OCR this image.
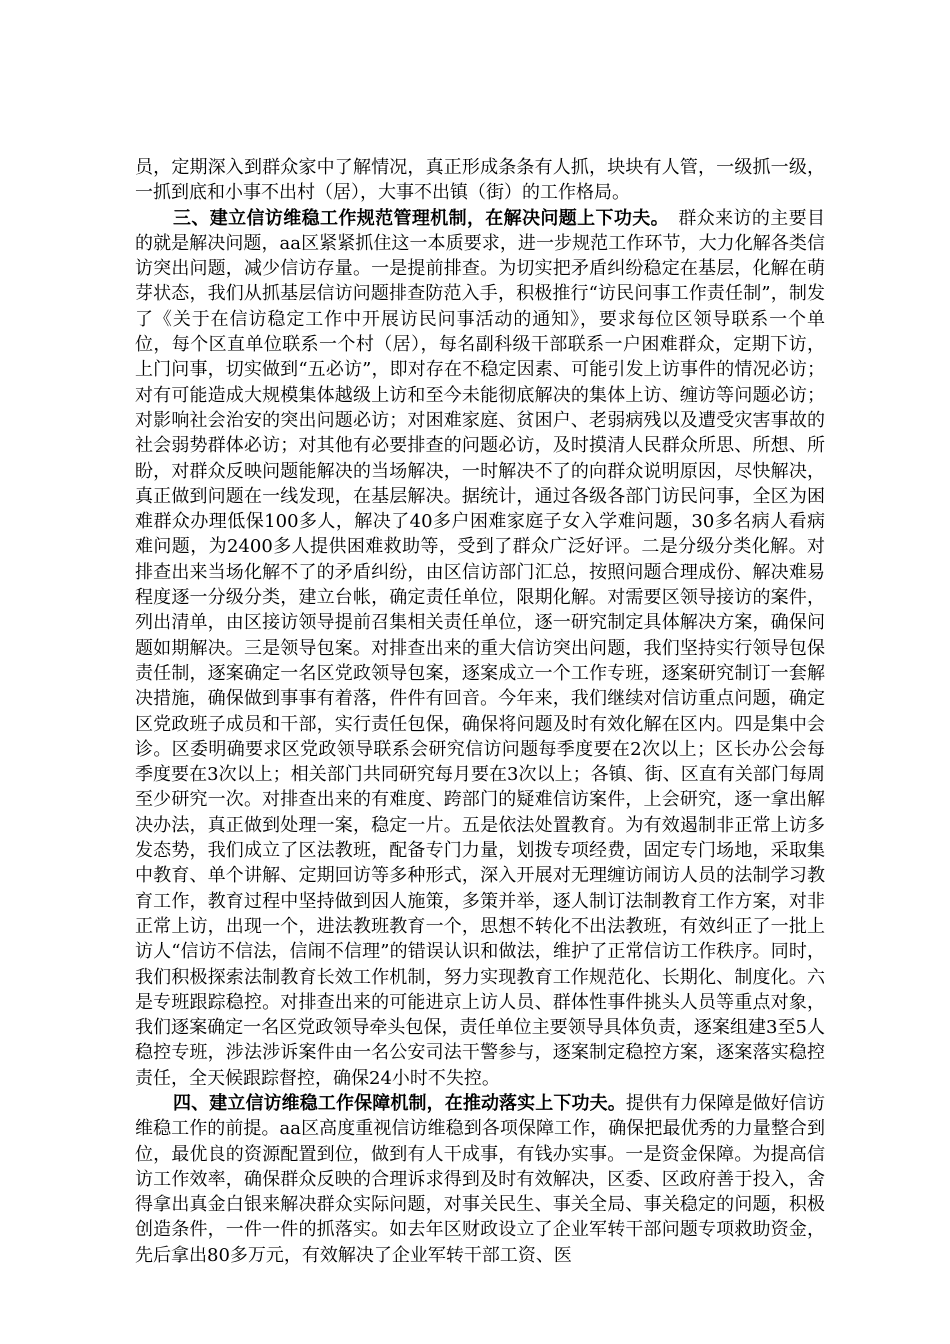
员，定期深入到群众家中了解情况，真正形成条条有人抓，块块有人管，一级抓一级，一抓到底和小事不出村（居），大事不出镇（街）的工作格局。

三、建立信访维稳工作规范管理机制，在解决问题上下功夫。　群众来访的主要目的就是解决问题，aa区紧紧抓住这一本质要求，进一步规范工作环节，大力化解各类信访突出问题，减少信访存量。一是提前排查。为切实把矛盾纠纷稳定在基层，化解在萌芽状态，我们从抓基层信访问题排查防范入手，积极推行“访民问事工作责任制”，制发了《关于在信访稳定工作中开展访民问事活动的通知》，要求每位区领导联系一个单位，每个区直单位联系一个村（居），每名副科级干部联系一户困难群众，定期下访，上门问事，切实做到“五必访”，即对存在不稳定因素、可能引发上访事件的情况必访；对有可能造成大规模集体越级上访和至今未能彻底解决的集体上访、缠访等问题必访；对影响社会治安的突出问题必访；对困难家庭、贫困户、老弱病残以及遭受灾害事故的社会弱势群体必访；对其他有必要排查的问题必访，及时摸清人民群众所思、所想、所盼，对群众反映问题能解决的当场解决，一时解决不了的向群众说明原因，尽快解决，真正做到问题在一线发现，在基层解决。据统计，通过各级各部门访民问事，全区为困难群众办理低保100多人，解决了40多户困难家庭子女入学难问题，30多名病人看病难问题，为2400多人提供困难救助等，受到了群众广泛好评。二是分级分类化解。对排查出来当场化解不了的矛盾纠纷，由区信访部门汇总，按照问题合理成份、解决难易程度逐一分级分类，建立台帐，确定责任单位，限期化解。对需要区领导接访的案件，列出清单，由区接访领导提前召集相关责任单位，逐一研究制定具体解决方案，确保问题如期解决。三是领导包案。对排查出来的重大信访突出问题，我们坚持实行领导包保责任制，逐案确定一名区党政领导包案，逐案成立一个工作专班，逐案研究制订一套解决措施，确保做到事事有着落，件件有回音。今年来，我们继续对信访重点问题，确定区党政班子成员和干部，实行责任包保，确保将问题及时有效化解在区内。四是集中会诊。区委明确要求区党政领导联系会研究信访问题每季度要在2次以上；区长办公会每季度要在3次以上；相关部门共同研究每月要在3次以上；各镇、街、区直有关部门每周至少研究一次。对排查出来的有难度、跨部门的疑难信访案件，上会研究，逐一拿出解决办法，真正做到处理一案，稳定一片。五是依法处置教育。为有效遏制非正常上访多发态势，我们成立了区法教班，配备专门力量，划拨专项经费，固定专门场地，采取集中教育、单个讲解、定期回访等多种形式，深入开展对无理缠访闹访人员的法制学习教育工作，教育过程中坚持做到因人施策，多策并举，逐人制订法制教育工作方案，对非正常上访，出现一个，进法教班教育一个，思想不转化不出法教班，有效纠正了一批上访人“信访不信法，信闹不信理”的错误认识和做法，维护了正常信访工作秩序。同时，我们积极探索法制教育长效工作机制，努力实现教育工作规范化、长期化、制度化。六是专班跟踪稳控。对排查出来的可能进京上访人员、群体性事件挑头人员等重点对象，我们逐案确定一名区党政领导牵头包保，责任单位主要领导具体负责，逐案组建3至5人稳控专班，涉法涉诉案件由一名公安司法干警参与，逐案制定稳控方案，逐案落实稳控责任，全天候跟踪督控，确保24小时不失控。

四、建立信访维稳工作保障机制，在推动落实上下功夫。提供有力保障是做好信访维稳工作的前提。aa区高度重视信访维稳到各项保障工作，确保把最优秀的力量整合到位，最优良的资源配置到位，做到有人干成事，有钱办实事。一是资金保障。为提高信访工作效率，确保群众反映的合理诉求得到及时有效解决，区委、区政府善于投入，舍得拿出真金白银来解决群众实际问题，对事关民生、事关全局、事关稳定的问题，积极创造条件，一件一件的抓落实。如去年区财政设立了企业军转干部问题专项救助资金，先后拿出80多万元，有效解决了企业军转干部工资、医
